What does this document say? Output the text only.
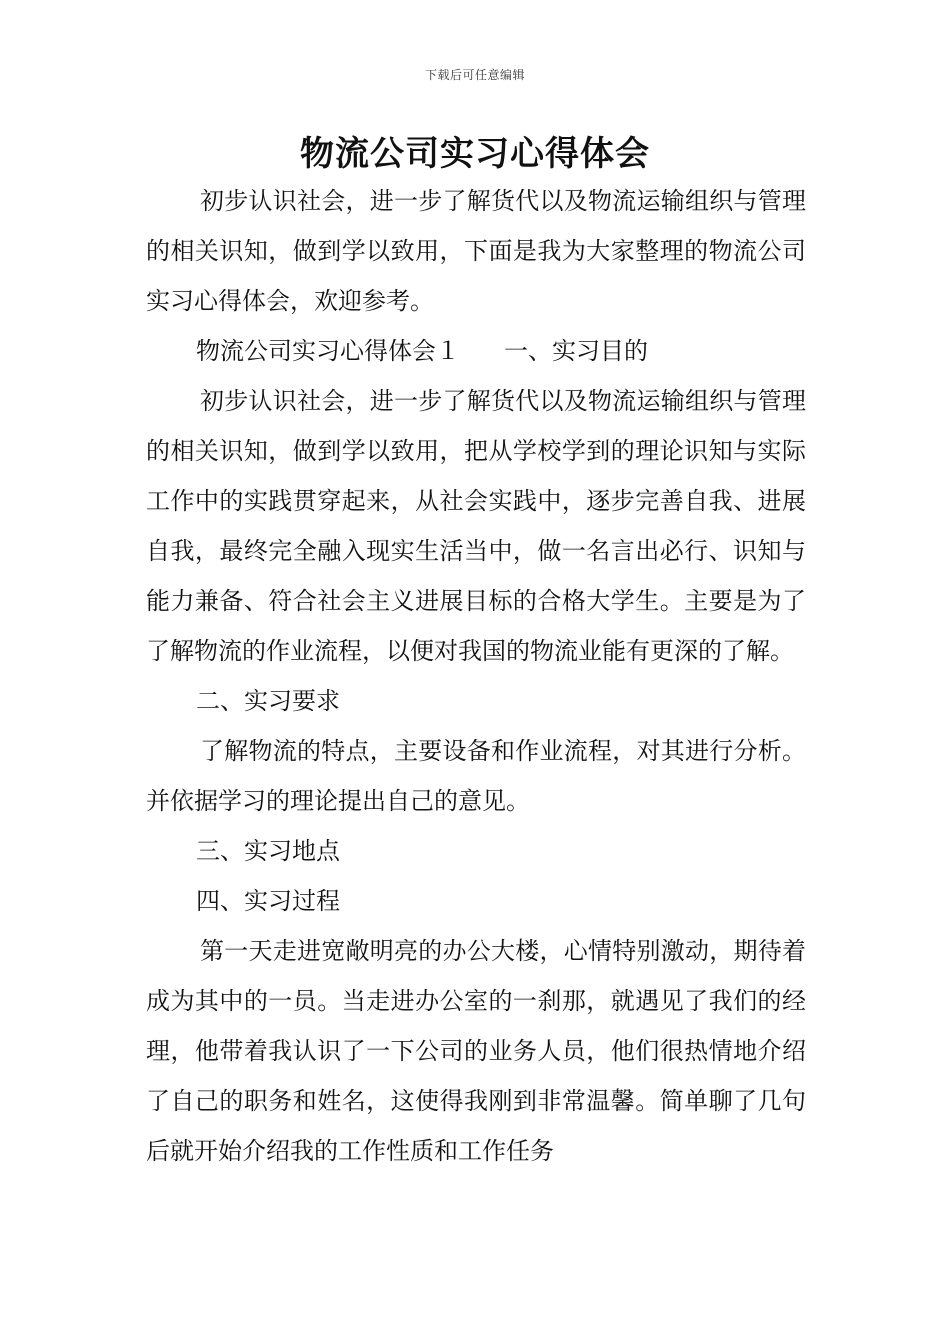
下载后可任意编辑
物流公司实习心得体会

初步认识社会，进一步了解货代以及物流运输组织与管理的相关识知，做到学以致用，下面是我为大家整理的物流公司实习心得体会，欢迎参考。

物流公司实习心得体会１ 一、实习目的

初步认识社会，进一步了解货代以及物流运输组织与管理的相关识知，做到学以致用，把从学校学到的理论识知与实际工作中的实践贯穿起来，从社会实践中，逐步完善自我、进展自我，最终完全融入现实生活当中，做一名言出必行、识知与能力兼备、符合社会主义进展目标的合格大学生。主要是为了了解物流的作业流程，以便对我国的物流业能有更深的了解。

二、实习要求

了解物流的特点，主要设备和作业流程，对其进行分析。并依据学习的理论提出自己的意见。

三、实习地点

四、实习过程

第一天走进宽敞明亮的办公大楼，心情特别激动，期待着成为其中的一员。当走进办公室的一刹那，就遇见了我们的经理，他带着我认识了一下公司的业务人员，他们很热情地介绍了自己的职务和姓名，这使得我刚到非常温馨。简单聊了几句后就开始介绍我的工作性质和工作任务
